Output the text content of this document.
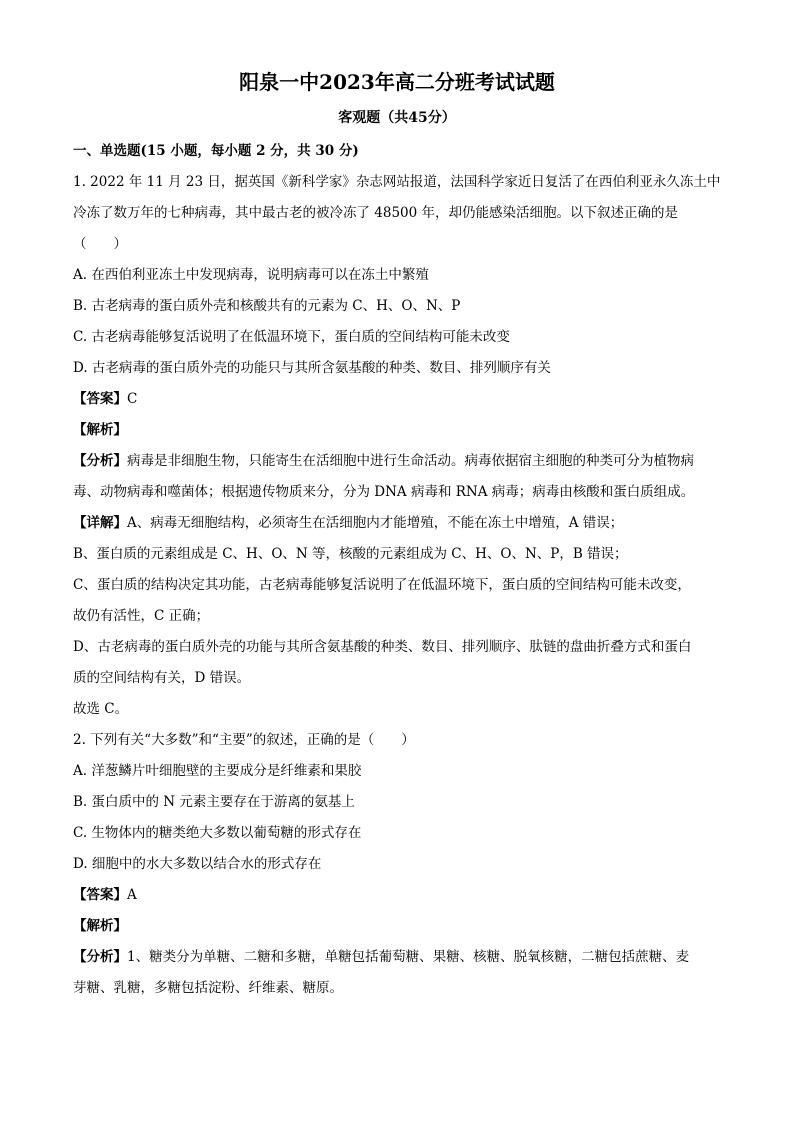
阳泉一中2023年高二分班考试试题
客观题（共45分）
一、单选题(15 小题，每小题 2 分，共 30 分)
1. 2022 年 11 月 23 日，据英国《新科学家》杂志网站报道，法国科学家近日复活了在西伯利亚永久冻土中
冷冻了数万年的七种病毒，其中最古老的被冷冻了 48500 年，却仍能感染活细胞。以下叙述正确的是
（　　）
A. 在西伯利亚冻土中发现病毒，说明病毒可以在冻土中繁殖
B. 古老病毒的蛋白质外壳和核酸共有的元素为 C、H、O、N、P
C. 古老病毒能够复活说明了在低温环境下，蛋白质的空间结构可能未改变
D. 古老病毒的蛋白质外壳的功能只与其所含氨基酸的种类、数目、排列顺序有关
【答案】C
【解析】
【分析】病毒是非细胞生物，只能寄生在活细胞中进行生命活动。病毒依据宿主细胞的种类可分为植物病
毒、动物病毒和噬菌体；根据遗传物质来分，分为 DNA 病毒和 RNA 病毒；病毒由核酸和蛋白质组成。
【详解】A、病毒无细胞结构，必须寄生在活细胞内才能增殖，不能在冻土中增殖，A 错误；
B、蛋白质的元素组成是 C、H、O、N 等，核酸的元素组成为 C、H、O、N、P，B 错误；
C、蛋白质的结构决定其功能，古老病毒能够复活说明了在低温环境下，蛋白质的空间结构可能未改变，
故仍有活性，C 正确；
D、古老病毒的蛋白质外壳的功能与其所含氨基酸的种类、数目、排列顺序、肽链的盘曲折叠方式和蛋白
质的空间结构有关，D 错误。
故选 C。
2. 下列有关“大多数”和“主要”的叙述，正确的是（　　）
A. 洋葱鳞片叶细胞壁的主要成分是纤维素和果胶
B. 蛋白质中的 N 元素主要存在于游离的氨基上
C. 生物体内的糖类绝大多数以葡萄糖的形式存在
D. 细胞中的水大多数以结合水的形式存在
【答案】A
【解析】
【分析】1、糖类分为单糖、二糖和多糖，单糖包括葡萄糖、果糖、核糖、脱氧核糖，二糖包括蔗糖、麦
芽糖、乳糖，多糖包括淀粉、纤维素、糖原。
